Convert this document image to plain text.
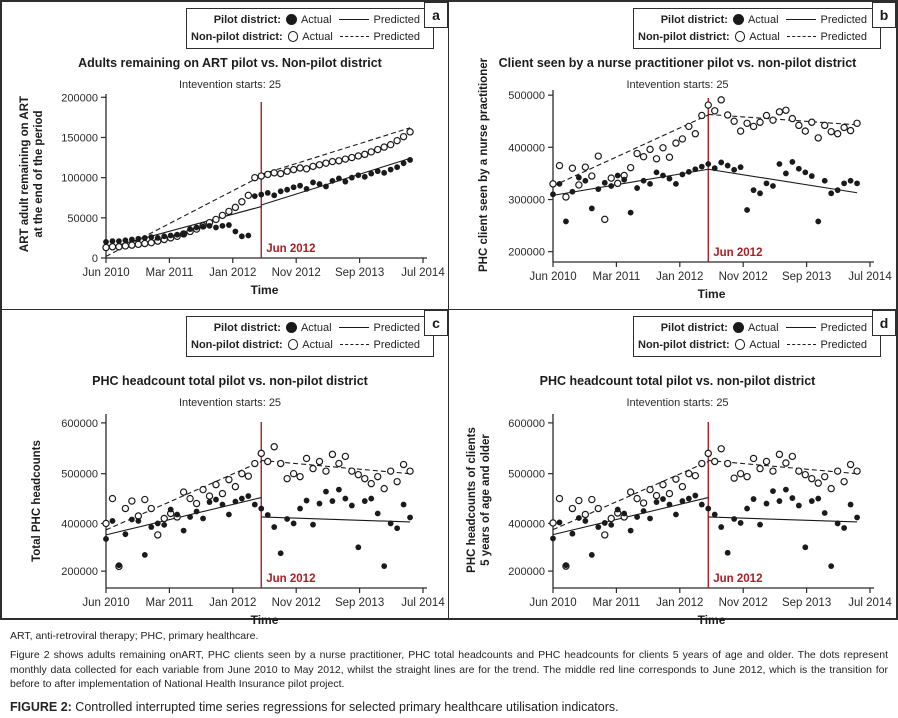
Pilot district: Actual	Predicted
Non-pilot district: Actual	Predicted
a
Adults remaining on ART pilot vs. Non-pilot district
Intevention starts: 25
ART adult remaining on ART at the end of the period
200000
150000
100000
50000
0
Jun 2010 Mar 2011 Jan 2012 Nov 2012 Sep 2013 Jul 2014
Time
Jun 2012
Pilot district: Actual	Predicted
Non-pilot district: Actual	Predicted
b
Client seen by a nurse practitioner pilot vs. non-pilot district
Intevention starts: 25
PHC client seen by a nurse practitioner 500000
400000
300000
200000
Jun 2010 Mar 2011 Jan 2012 Nov 2012 Sep 2013 Jul 2014
Time
Jun 2012
Pilot district: Actual	Predicted
Non-pilot district: Actual	Predicted
c
PHC headcount total pilot vs. non-pilot district
Intevention starts: 25
Total PHC headcounts
600000
500000
400000
200000
Jun 2010 Mar 2011 Jan 2012 Nov 2012 Sep 2013 Jul 2014
Time
Jun 2012
Pilot district: Actual	Predicted
Non-pilot district: Actual	Predicted
d
PHC headcount total pilot vs. non-pilot district
Intevention starts: 25
PHC headcounts of clients 5 years of age and older
600000
500000
400000
200000
Jun 2010 Mar 2011 Jan 2012 Nov 2012 Sep 2013 Jul 2014
Time
Jun 2012

ART, anti-retroviral therapy; PHC, primary healthcare.

Figure 2 shows adults remaining onART, PHC clients seen by a nurse practitioner, PHC total headcounts and PHC headcounts for clients 5 years of age and older. The dots represent monthly data collected for each variable from June 2010 to May 2012, whilst the straight lines are for the trend. The middle red line corresponds to June 2012, which is the transition for before to after implementation of National Health Insurance pilot project.

FIGURE 2: Controlled interrupted time series regressions for selected primary healthcare utilisation indicators.
